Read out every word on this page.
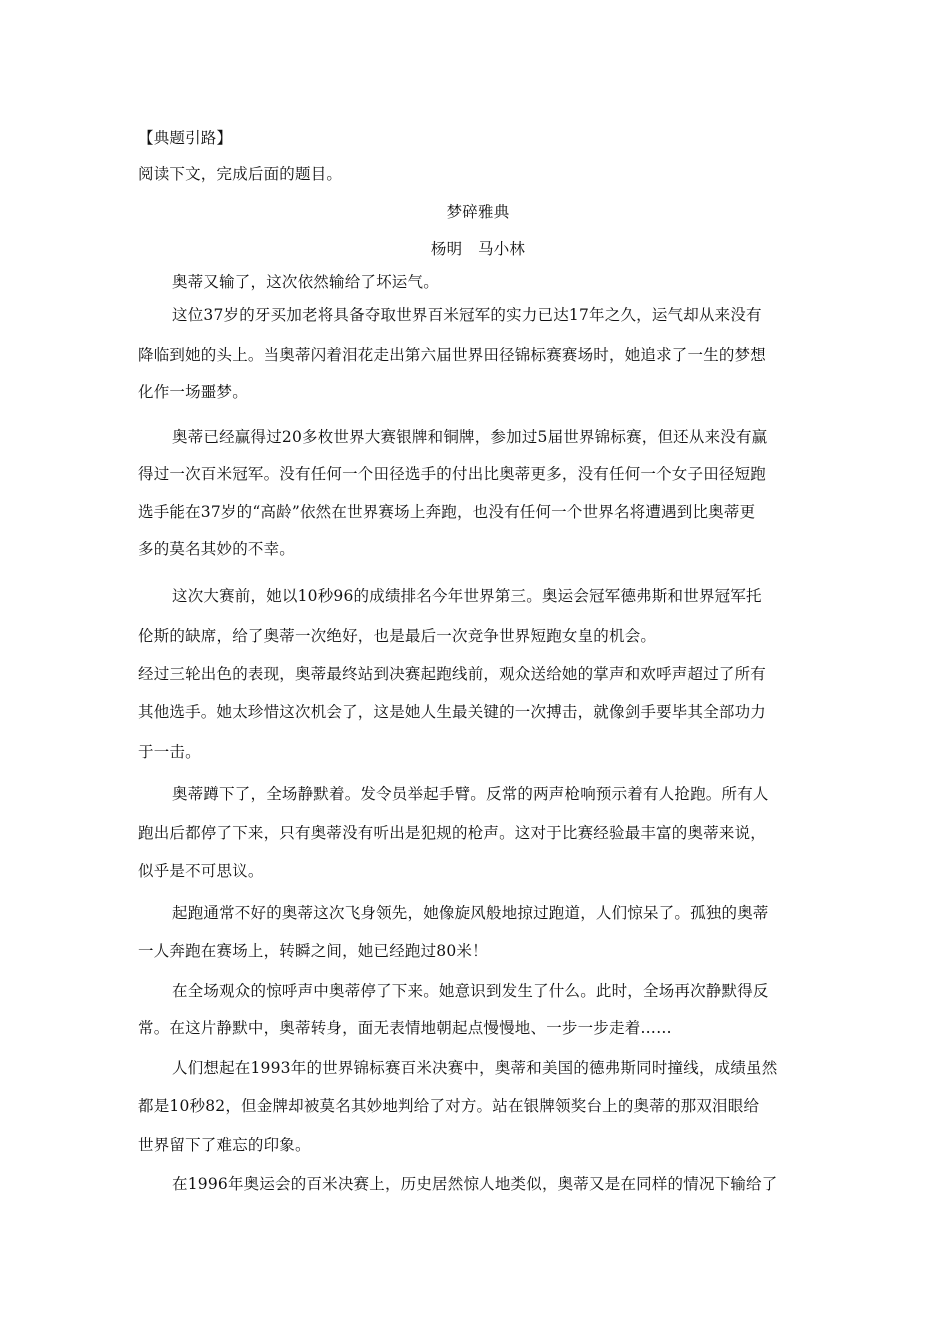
【典题引路】
阅读下文，完成后面的题目。
梦碎雅典
杨明　马小林
奥蒂又输了，这次依然输给了坏运气。
这位37岁的牙买加老将具备夺取世界百米冠军的实力已达17年之久，运气却从来没有
降临到她的头上。当奥蒂闪着泪花走出第六届世界田径锦标赛赛场时，她追求了一生的梦想
化作一场噩梦。
奥蒂已经赢得过20多枚世界大赛银牌和铜牌，参加过5届世界锦标赛，但还从来没有赢
得过一次百米冠军。没有任何一个田径选手的付出比奥蒂更多，没有任何一个女子田径短跑
选手能在37岁的“高龄”依然在世界赛场上奔跑，也没有任何一个世界名将遭遇到比奥蒂更
多的莫名其妙的不幸。
这次大赛前，她以10秒96的成绩排名今年世界第三。奥运会冠军德弗斯和世界冠军托
伦斯的缺席，给了奥蒂一次绝好，也是最后一次竞争世界短跑女皇的机会。
经过三轮出色的表现，奥蒂最终站到决赛起跑线前，观众送给她的掌声和欢呼声超过了所有
其他选手。她太珍惜这次机会了，这是她人生最关键的一次搏击，就像剑手要毕其全部功力
于一击。
奥蒂蹲下了，全场静默着。发令员举起手臂。反常的两声枪响预示着有人抢跑。所有人
跑出后都停了下来，只有奥蒂没有听出是犯规的枪声。这对于比赛经验最丰富的奥蒂来说，
似乎是不可思议。
起跑通常不好的奥蒂这次飞身领先，她像旋风般地掠过跑道，人们惊呆了。孤独的奥蒂
一人奔跑在赛场上，转瞬之间，她已经跑过80米！
在全场观众的惊呼声中奥蒂停了下来。她意识到发生了什么。此时，全场再次静默得反
常。在这片静默中，奥蒂转身，面无表情地朝起点慢慢地、一步一步走着……
人们想起在1993年的世界锦标赛百米决赛中，奥蒂和美国的德弗斯同时撞线，成绩虽然
都是10秒82，但金牌却被莫名其妙地判给了对方。站在银牌领奖台上的奥蒂的那双泪眼给
世界留下了难忘的印象。
在1996年奥运会的百米决赛上，历史居然惊人地类似，奥蒂又是在同样的情况下输给了
